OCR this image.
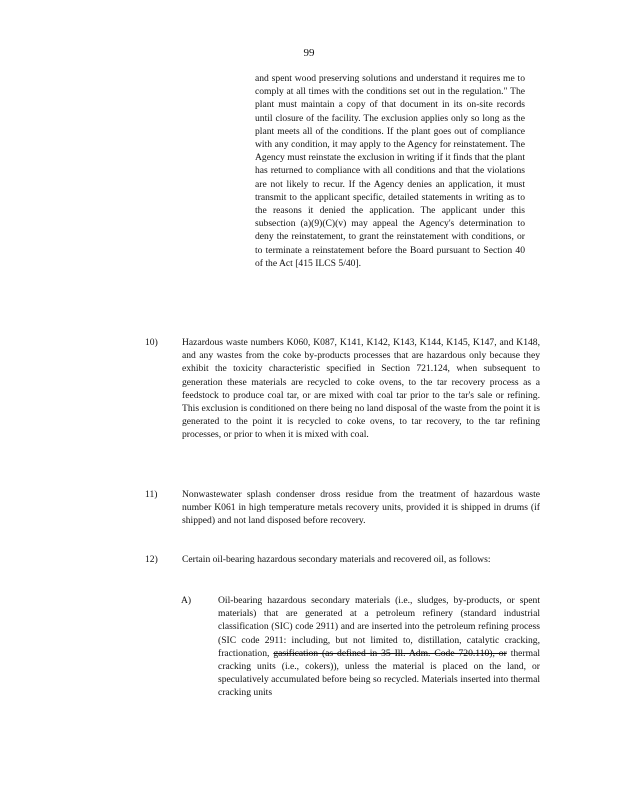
99

and spent wood preserving solutions and understand it requires me to comply at all times with the conditions set out in the regulation." The plant must maintain a copy of that document in its on-site records until closure of the facility. The exclusion applies only so long as the plant meets all of the conditions. If the plant goes out of compliance with any condition, it may apply to the Agency for reinstatement. The Agency must reinstate the exclusion in writing if it finds that the plant has returned to compliance with all conditions and that the violations are not likely to recur. If the Agency denies an application, it must transmit to the applicant specific, detailed statements in writing as to the reasons it denied the application. The applicant under this subsection (a)(9)(C)(v) may appeal the Agency's determination to deny the reinstatement, to grant the reinstatement with conditions, or to terminate a reinstatement before the Board pursuant to Section 40 of the Act [415 ILCS 5/40].

10)	Hazardous waste numbers K060, K087, K141, K142, K143, K144, K145, K147, and K148, and any wastes from the coke by-products processes that are hazardous only because they exhibit the toxicity characteristic specified in Section 721.124, when subsequent to generation these materials are recycled to coke ovens, to the tar recovery process as a feedstock to produce coal tar, or are mixed with coal tar prior to the tar's sale or refining. This exclusion is conditioned on there being no land disposal of the waste from the point it is generated to the point it is recycled to coke ovens, to tar recovery, to the tar refining processes, or prior to when it is mixed with coal.

11)	Nonwastewater splash condenser dross residue from the treatment of hazardous waste number K061 in high temperature metals recovery units, provided it is shipped in drums (if shipped) and not land disposed before recovery.

12)	Certain oil-bearing hazardous secondary materials and recovered oil, as follows:

A)	Oil-bearing hazardous secondary materials (i.e., sludges, by-products, or spent materials) that are generated at a petroleum refinery (standard industrial classification (SIC) code 2911) and are inserted into the petroleum refining process (SIC code 2911: including, but not limited to, distillation, catalytic cracking, fractionation, gasification (as defined in 35 Ill. Adm. Code 720.110), or thermal cracking units (i.e., cokers)), unless the material is placed on the land, or speculatively accumulated before being so recycled. Materials inserted into thermal cracking units
